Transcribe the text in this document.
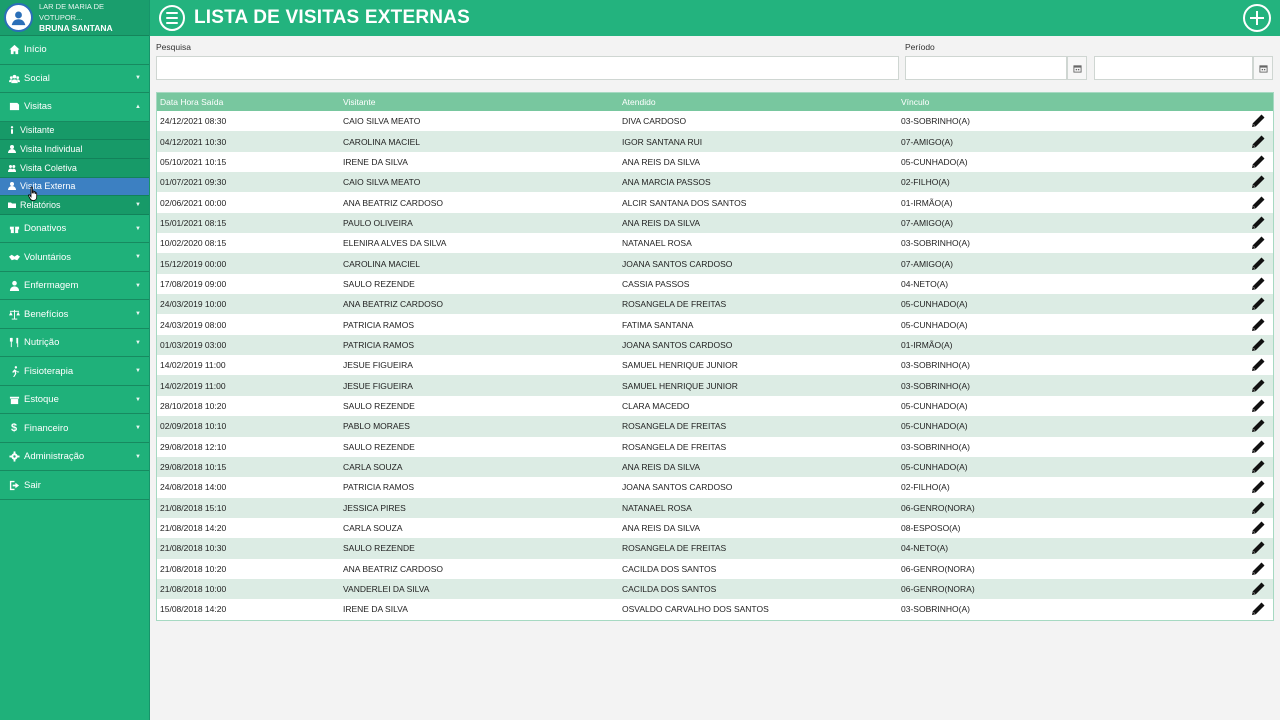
LAR DE MARIA DE VOTUPOR...
BRUNA SANTANA
Início
Social	▼
Visitas	▲
Visitante
Visita Individual
Visita Coletiva
Visita Externa
Relatórios	▼
Donativos	▼
Voluntários	▼
Enfermagem	▼
Benefícios	▼
Nutrição	▼
Fisioterapia	▼
Estoque	▼
$ Financeiro	▼
Administração	▼
Sair
LISTA DE VISITAS EXTERNAS
Pesquisa	Período
Data Hora Saída	Visitante	Atendido	Vínculo
24/12/2021 08:30	CAIO SILVA MEATO	DIVA CARDOSO	03-SOBRINHO(A)
04/12/2021 10:30	CAROLINA MACIEL	IGOR SANTANA RUI	07-AMIGO(A)
05/10/2021 10:15	IRENE DA SILVA	ANA REIS DA SILVA	05-CUNHADO(A)
01/07/2021 09:30	CAIO SILVA MEATO	ANA MARCIA PASSOS	02-FILHO(A)
02/06/2021 00:00	ANA BEATRIZ CARDOSO	ALCIR SANTANA DOS SANTOS	01-IRMÃO(A)
15/01/2021 08:15	PAULO OLIVEIRA	ANA REIS DA SILVA	07-AMIGO(A)
10/02/2020 08:15	ELENIRA ALVES DA SILVA	NATANAEL ROSA	03-SOBRINHO(A)
15/12/2019 00:00	CAROLINA MACIEL	JOANA SANTOS CARDOSO	07-AMIGO(A)
17/08/2019 09:00	SAULO REZENDE	CASSIA PASSOS	04-NETO(A)
24/03/2019 10:00	ANA BEATRIZ CARDOSO	ROSANGELA DE FREITAS	05-CUNHADO(A)
24/03/2019 08:00	PATRICIA RAMOS	FATIMA SANTANA	05-CUNHADO(A)
01/03/2019 03:00	PATRICIA RAMOS	JOANA SANTOS CARDOSO	01-IRMÃO(A)
14/02/2019 11:00	JESUE FIGUEIRA	SAMUEL HENRIQUE JUNIOR	03-SOBRINHO(A)
14/02/2019 11:00	JESUE FIGUEIRA	SAMUEL HENRIQUE JUNIOR	03-SOBRINHO(A)
28/10/2018 10:20	SAULO REZENDE	CLARA MACEDO	05-CUNHADO(A)
02/09/2018 10:10	PABLO MORAES	ROSANGELA DE FREITAS	05-CUNHADO(A)
29/08/2018 12:10	SAULO REZENDE	ROSANGELA DE FREITAS	03-SOBRINHO(A)
29/08/2018 10:15	CARLA SOUZA	ANA REIS DA SILVA	05-CUNHADO(A)
24/08/2018 14:00	PATRICIA RAMOS	JOANA SANTOS CARDOSO	02-FILHO(A)
21/08/2018 15:10	JESSICA PIRES	NATANAEL ROSA	06-GENRO(NORA)
21/08/2018 14:20	CARLA SOUZA	ANA REIS DA SILVA	08-ESPOSO(A)
21/08/2018 10:30	SAULO REZENDE	ROSANGELA DE FREITAS	04-NETO(A)
21/08/2018 10:20	ANA BEATRIZ CARDOSO	CACILDA DOS SANTOS	06-GENRO(NORA)
21/08/2018 10:00	VANDERLEI DA SILVA	CACILDA DOS SANTOS	06-GENRO(NORA)
15/08/2018 14:20	IRENE DA SILVA	OSVALDO CARVALHO DOS SANTOS	03-SOBRINHO(A)
